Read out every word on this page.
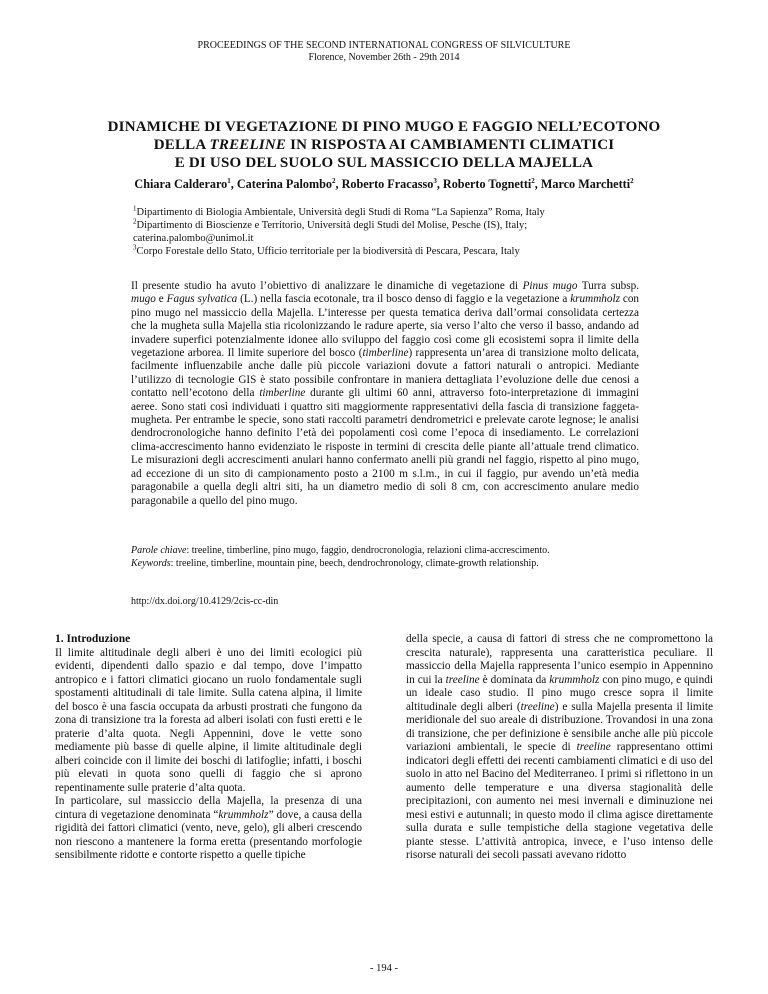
PROCEEDINGS OF THE SECOND INTERNATIONAL CONGRESS OF SILVICULTURE
Florence, November 26th - 29th 2014
DINAMICHE DI VEGETAZIONE DI PINO MUGO E FAGGIO NELL’ECOTONO
DELLA TREELINE IN RISPOSTA AI CAMBIAMENTI CLIMATICI
E DI USO DEL SUOLO SUL MASSICCIO DELLA MAJELLA
Chiara Calderaro$^1$, Caterina Palombo$^2$, Roberto Fracasso$^3$, Roberto Tognetti$^2$, Marco Marchetti$^2$
$^1$Dipartimento di Biologia Ambientale, Università degli Studi di Roma “La Sapienza” Roma, Italy
$^2$Dipartimento di Bioscienze e Territorio, Università degli Studi del Molise, Pesche (IS), Italy;
caterina.palombo@unimol.it
$^3$Corpo Forestale dello Stato, Ufficio territoriale per la biodiversità di Pescara, Pescara, Italy
Il presente studio ha avuto l’obiettivo di analizzare le dinamiche di vegetazione di Pinus mugo Turra subsp. mugo e Fagus sylvatica (L.) nella fascia ecotonale, tra il bosco denso di faggio e la vegetazione a krummholz con pino mugo nel massiccio della Majella. L’interesse per questa tematica deriva dall’ormai consolidata certezza che la mugheta sulla Majella stia ricolonizzando le radure aperte, sia verso l’alto che verso il basso, andando ad invadere superfici potenzialmente idonee allo sviluppo del faggio così come gli ecosistemi sopra il limite della vegetazione arborea. Il limite superiore del bosco (timberline) rappresenta un’area di transizione molto delicata, facilmente influenzabile anche dalle più piccole variazioni dovute a fattori naturali o antropici. Mediante l’utilizzo di tecnologie GIS è stato possibile confrontare in maniera dettagliata l’evoluzione delle due cenosi a contatto nell’ecotono della timberline durante gli ultimi 60 anni, attraverso foto-interpretazione di immagini aeree. Sono stati così individuati i quattro siti maggiormente rappresentativi della fascia di transizione faggeta-mugheta. Per entrambe le specie, sono stati raccolti parametri dendrometrici e prelevate carote legnose; le analisi dendrocronologiche hanno definito l’età dei popolamenti così come l’epoca di insediamento. Le correlazioni clima-accrescimento hanno evidenziato le risposte in termini di crescita delle piante all’attuale trend climatico. Le misurazioni degli accrescimenti anulari hanno confermato anelli più grandi nel faggio, rispetto al pino mugo, ad eccezione di un sito di campionamento posto a 2100 m s.l.m., in cui il faggio, pur avendo un’età media paragonabile a quella degli altri siti, ha un diametro medio di soli 8 cm, con accrescimento anulare medio paragonabile a quello del pino mugo.
Parole chiave: treeline, timberline, pino mugo, faggio, dendrocronologia, relazioni clima-accrescimento.
Keywords: treeline, timberline, mountain pine, beech, dendrochronology, climate-growth relationship.
http://dx.doi.org/10.4129/2cis-cc-din

1. Introduzione

Il limite altitudinale degli alberi è uno dei limiti ecologici più evidenti, dipendenti dallo spazio e dal tempo, dove l’impatto antropico e i fattori climatici giocano un ruolo fondamentale sugli spostamenti altitudinali di tale limite. Sulla catena alpina, il limite del bosco è una fascia occupata da arbusti prostrati che fungono da zona di transizione tra la foresta ad alberi isolati con fusti eretti e le praterie d’alta quota. Negli Appennini, dove le vette sono mediamente più basse di quelle alpine, il limite altitudinale degli alberi coincide con il limite dei boschi di latifoglie; infatti, i boschi più elevati in quota sono quelli di faggio che si aprono repentinamente sulle praterie d’alta quota.

In particolare, sul massiccio della Majella, la presenza di una cintura di vegetazione denominata “krummholz” dove, a causa della rigidità dei fattori climatici (vento, neve, gelo), gli alberi crescendo non riescono a mantenere la forma eretta (presentando morfologie sensibilmente ridotte e contorte rispetto a quelle tipiche

della specie, a causa di fattori di stress che ne compromettono la crescita naturale), rappresenta una caratteristica peculiare. Il massiccio della Majella rappresenta l’unico esempio in Appennino in cui la treeline è dominata da krummholz con pino mugo, e quindi un ideale caso studio. Il pino mugo cresce sopra il limite altitudinale degli alberi (treeline) e sulla Majella presenta il limite meridionale del suo areale di distribuzione. Trovandosi in una zona di transizione, che per definizione è sensibile anche alle più piccole variazioni ambientali, le specie di treeline rappresentano ottimi indicatori degli effetti dei recenti cambiamenti climatici e di uso del suolo in atto nel Bacino del Mediterraneo. I primi si riflettono in un aumento delle temperature e una diversa stagionalità delle precipitazioni, con aumento nei mesi invernali e diminuzione nei mesi estivi e autunnali; in questo modo il clima agisce direttamente sulla durata e sulle tempistiche della stagione vegetativa delle piante stesse. L’attività antropica, invece, e l’uso intenso delle risorse naturali dei secoli passati avevano ridotto

- 194 -
